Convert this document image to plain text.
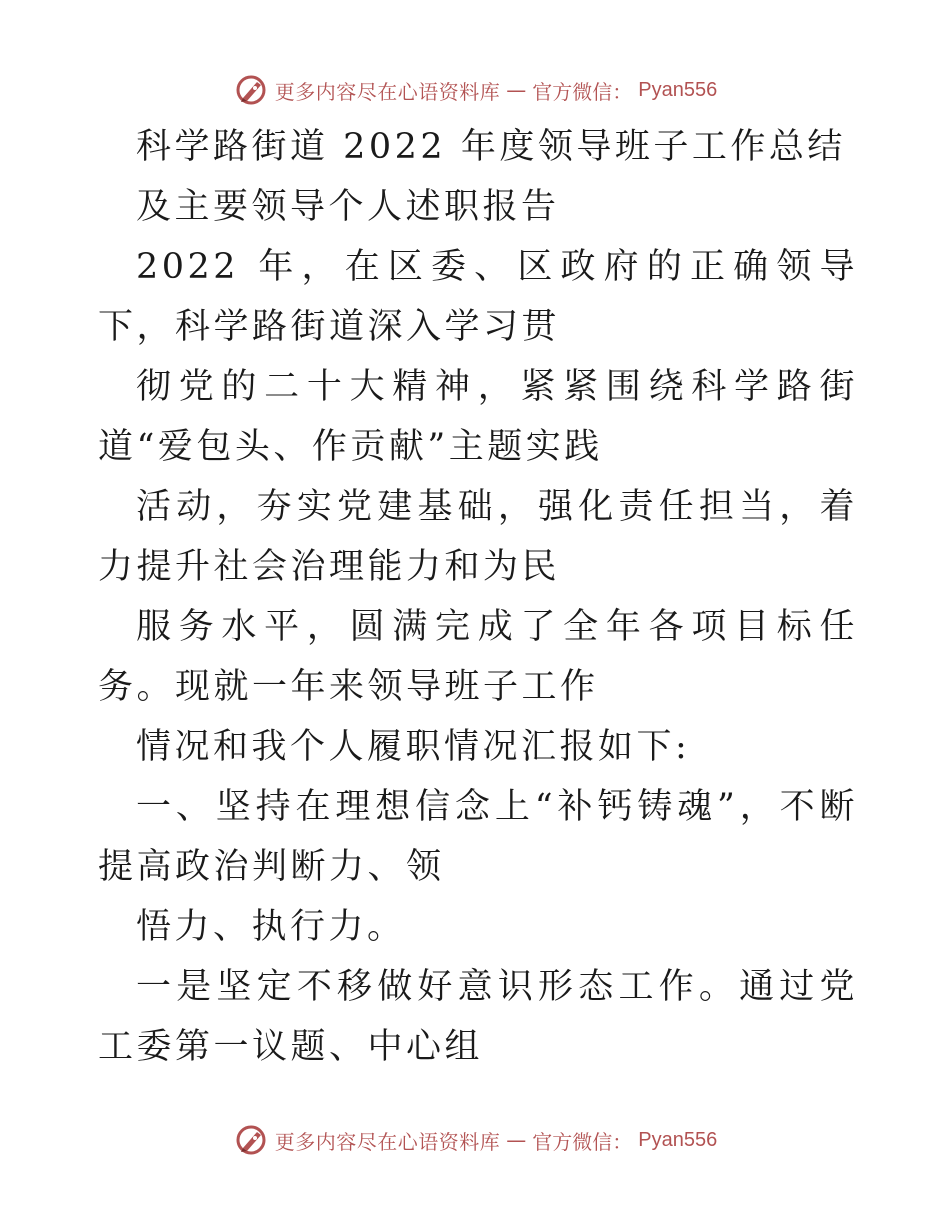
更多内容尽在心语资料库 — 官方微信： Pyan556

科学路街道 2022 年度领导班子工作总结

及主要领导个人述职报告

2022 年，在区委、区政府的正确领导下，科学路街道深入学习贯

彻党的二十大精神，紧紧围绕科学路街道“爱包头、作贡献”主题实践

活动，夯实党建基础，强化责任担当，着力提升社会治理能力和为民

服务水平，圆满完成了全年各项目标任务。现就一年来领导班子工作

情况和我个人履职情况汇报如下:

一、坚持在理想信念上“补钙铸魂”，不断提高政治判断力、领

悟力、执行力。

一是坚定不移做好意识形态工作。通过党工委第一议题、中心组

更多内容尽在心语资料库 — 官方微信： Pyan556
